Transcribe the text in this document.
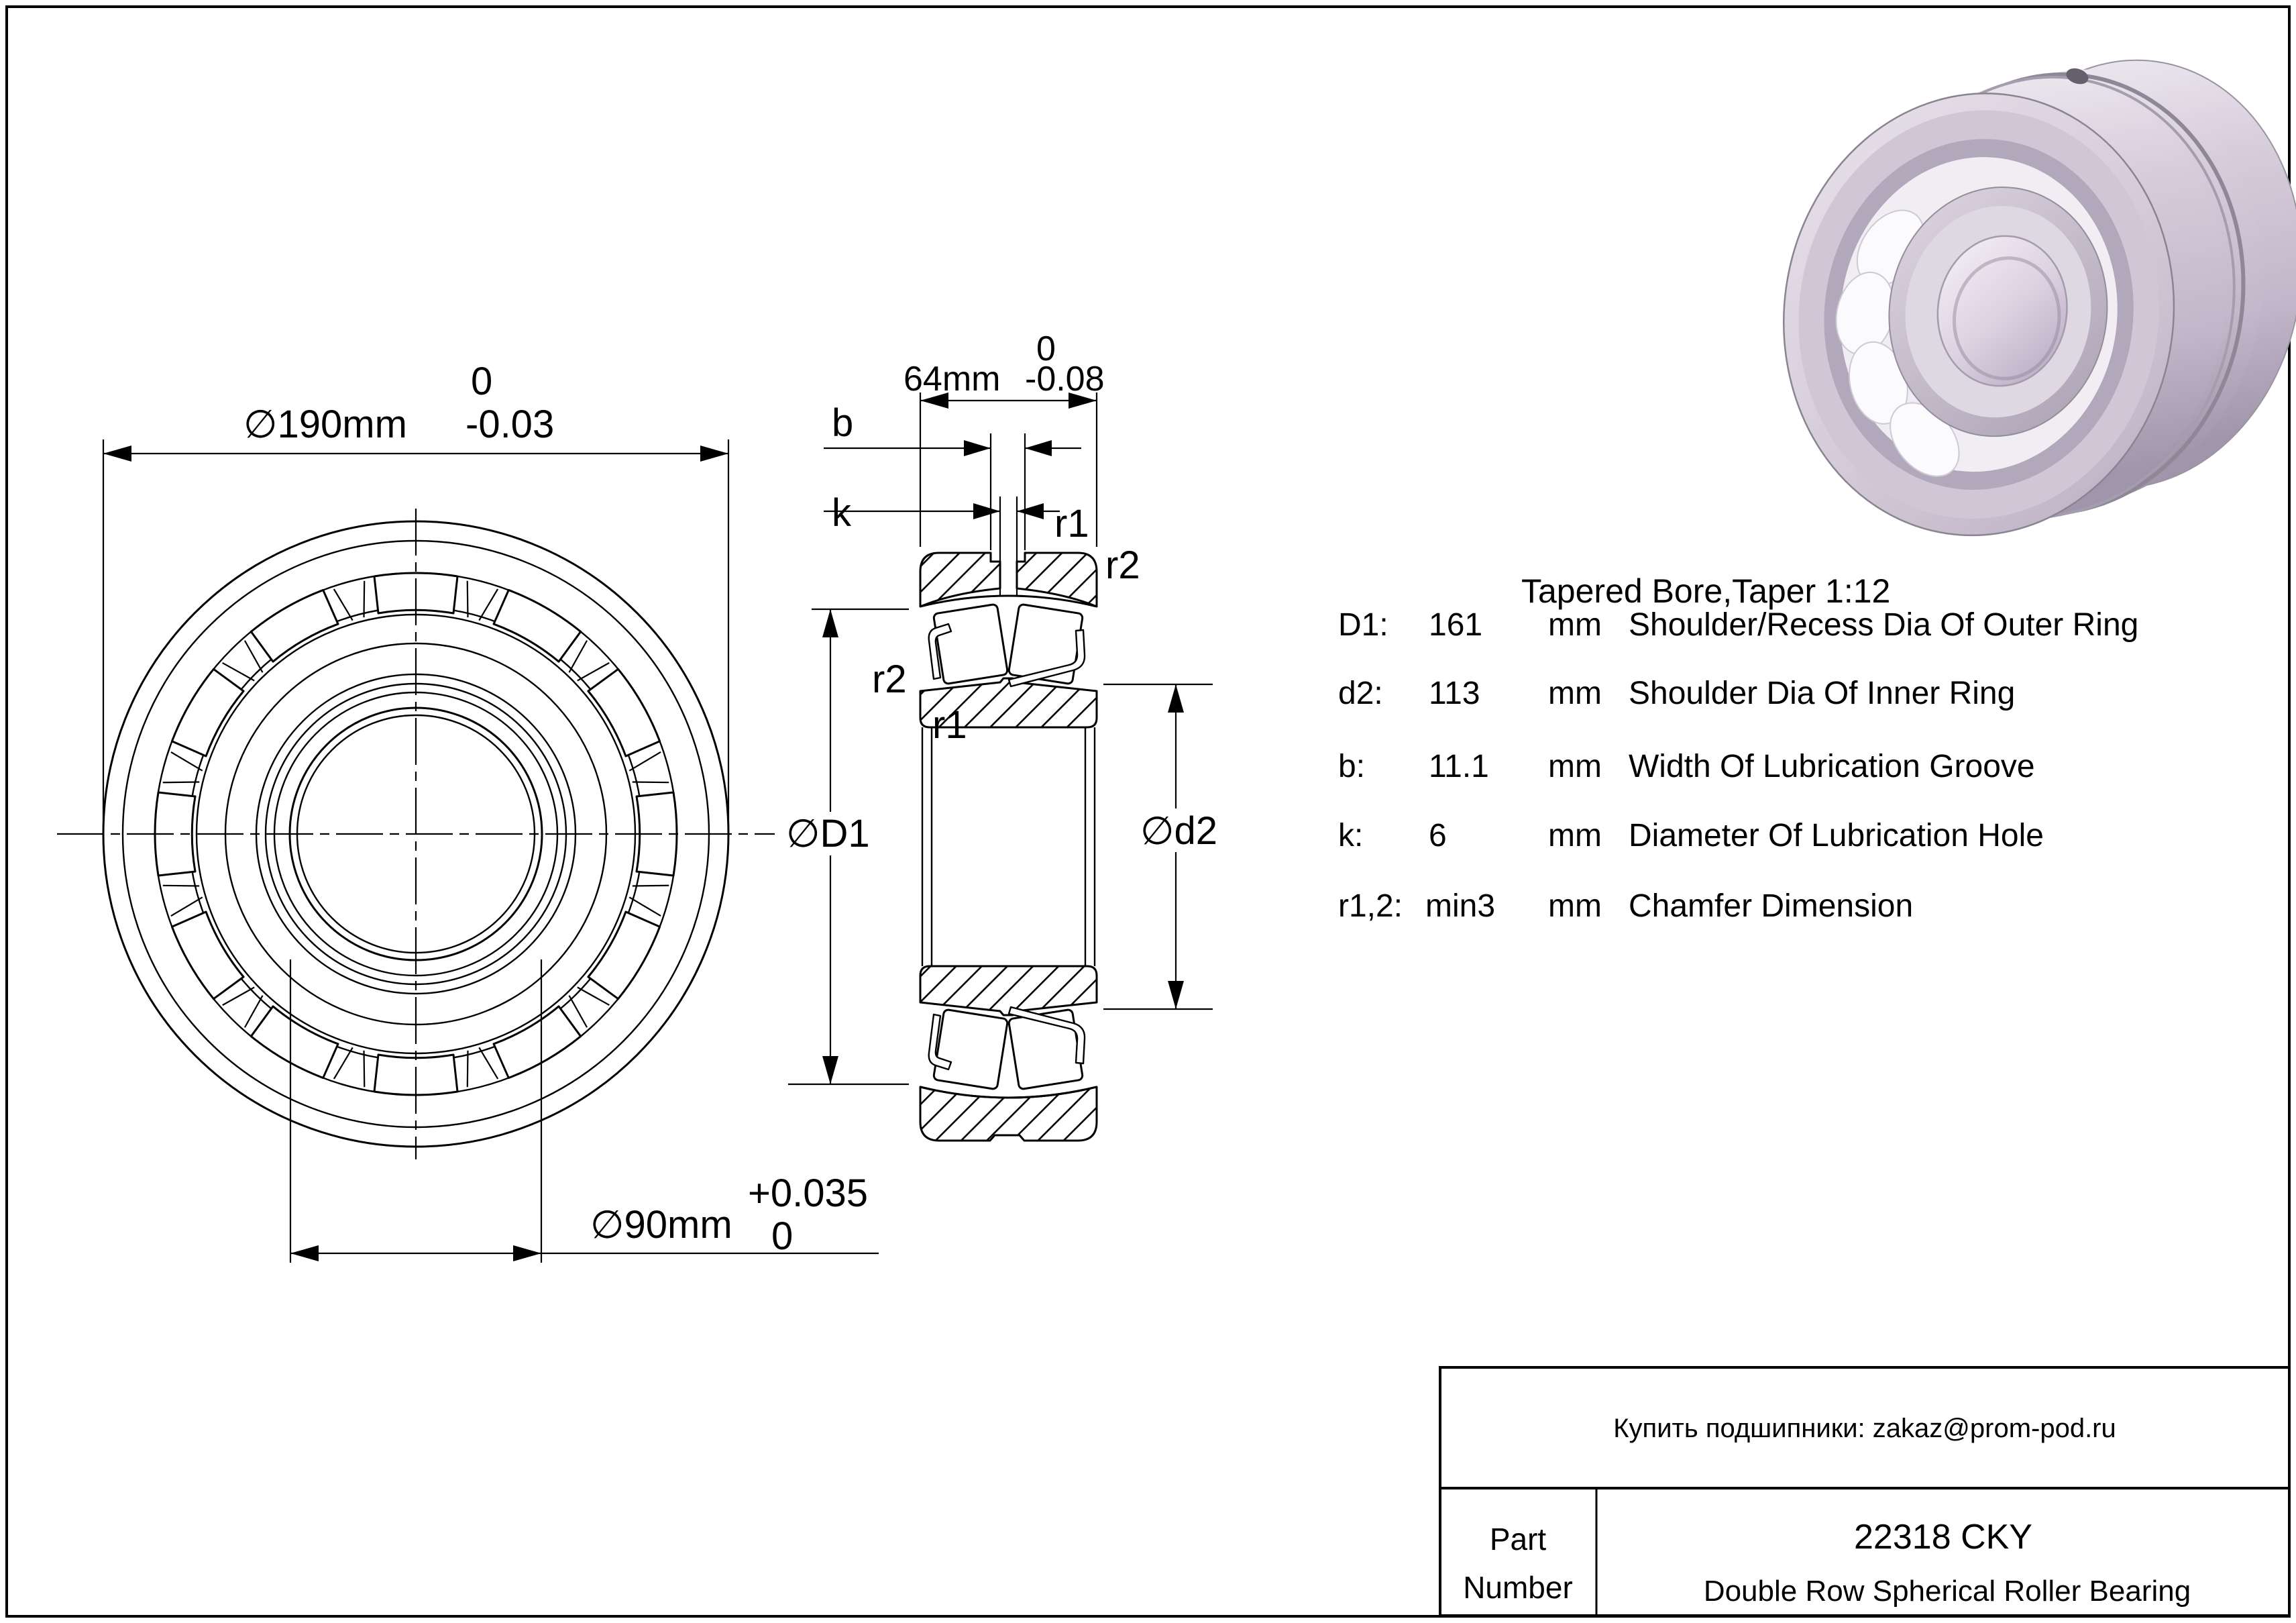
∅190mm
0
-0.03
∅90mm
+0.035
0
64mm
0
-0.08
b
k	r1
r2
r2
r1
∅D1	∅d2
Tapered Bore,Taper 1:12
D1: 161 mm Shoulder/Recess Dia Of Outer Ring
d2: 113 mm Shoulder Dia Of Inner Ring
b: 11.1 mm Width Of Lubrication Groove
k: 6	mm Diameter Of Lubrication Hole
r1,2: min3 mm Chamfer Dimension
Купить подшипники: zakaz@prom-pod.ru
Part
Number
22318 CKY
Double Row Spherical Roller Bearing
